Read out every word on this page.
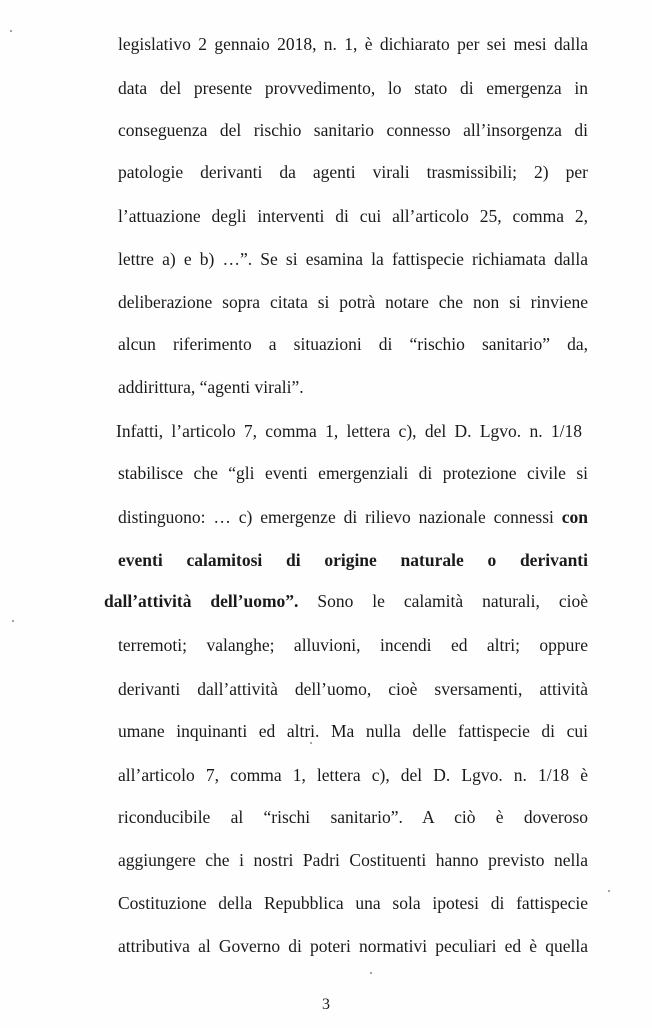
legislativo 2 gennaio 2018, n. 1, è dichiarato per sei mesi dalla
data del presente provvedimento, lo stato di emergenza in
conseguenza del rischio sanitario connesso all’insorgenza di
patologie derivanti da agenti virali trasmissibili; 2) per
l’attuazione degli interventi di cui all’articolo 25, comma 2,
lettre a) e b) …”. Se si esamina la fattispecie richiamata dalla
deliberazione sopra citata si potrà notare che non si rinviene
alcun riferimento a situazioni di “rischio sanitario” da,
addirittura, “agenti virali”.
Infatti, l’articolo 7, comma 1, lettera c), del D. Lgvo. n. 1/18
stabilisce che “gli eventi emergenziali di protezione civile si
distinguono: … c) emergenze di rilievo nazionale connessi con
eventi calamitosi di origine naturale o derivanti
dall’attività dell’uomo”. Sono le calamità naturali, cioè
terremoti; valanghe; alluvioni, incendi ed altri; oppure
derivanti dall’attività dell’uomo, cioè sversamenti, attività
umane inquinanti ed altri. Ma nulla delle fattispecie di cui
all’articolo 7, comma 1, lettera c), del D. Lgvo. n. 1/18 è
riconducibile al “rischi sanitario”. A ciò è doveroso
aggiungere che i nostri Padri Costituenti hanno previsto nella
Costituzione della Repubblica una sola ipotesi di fattispecie
attributiva al Governo di poteri normativi peculiari ed è quella
3
